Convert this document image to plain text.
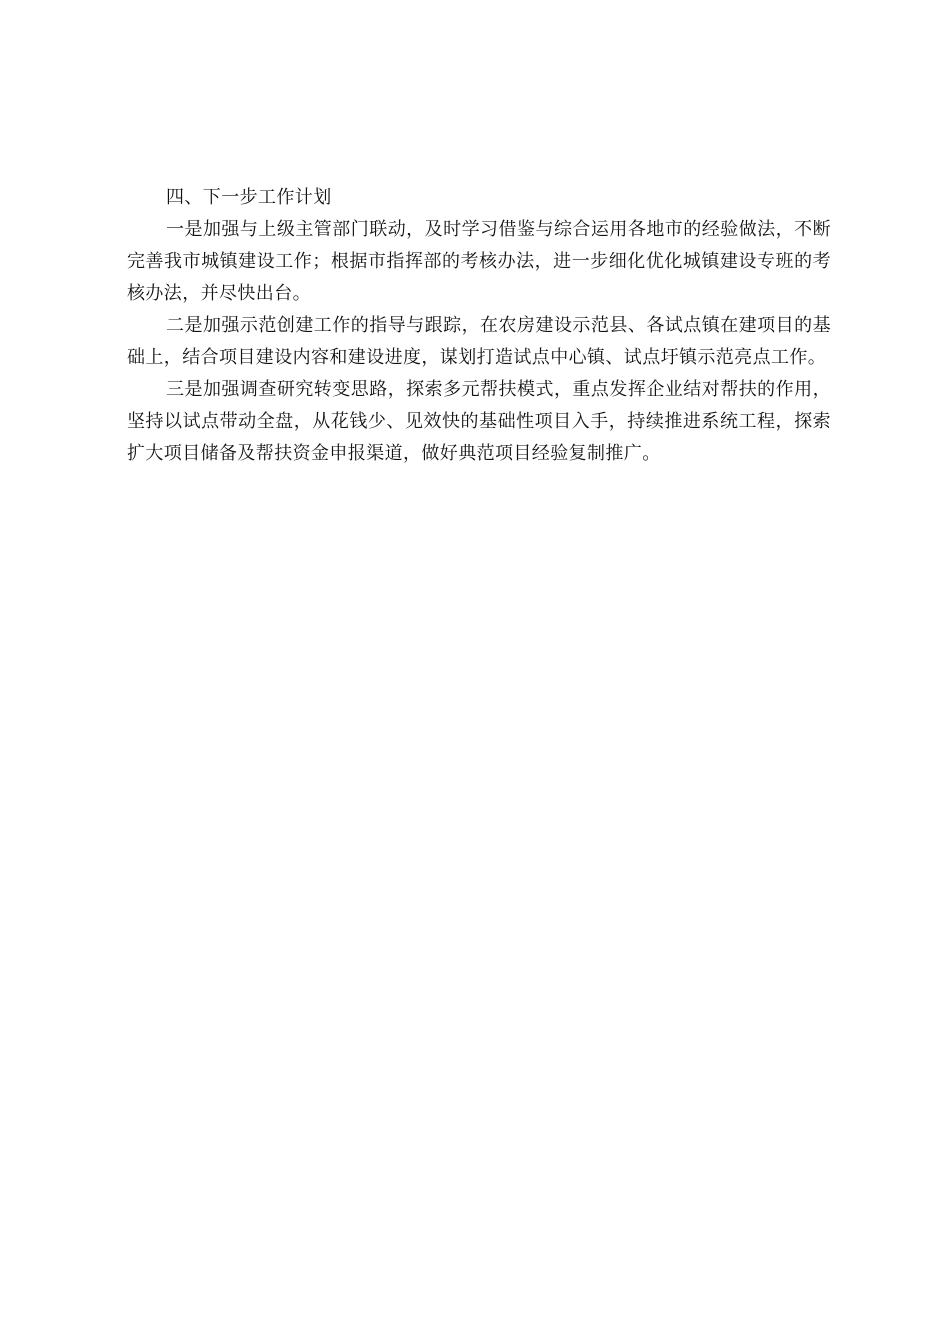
四、下一步工作计划

一是加强与上级主管部门联动，及时学习借鉴与综合运用各地市的经验做法，不断完善我市城镇建设工作；根据市指挥部的考核办法，进一步细化优化城镇建设专班的考核办法，并尽快出台。

二是加强示范创建工作的指导与跟踪，在农房建设示范县、各试点镇在建项目的基础上，结合项目建设内容和建设进度，谋划打造试点中心镇、试点圩镇示范亮点工作。

三是加强调查研究转变思路，探索多元帮扶模式，重点发挥企业结对帮扶的作用，坚持以试点带动全盘，从花钱少、见效快的基础性项目入手，持续推进系统工程，探索扩大项目储备及帮扶资金申报渠道，做好典范项目经验复制推广。
